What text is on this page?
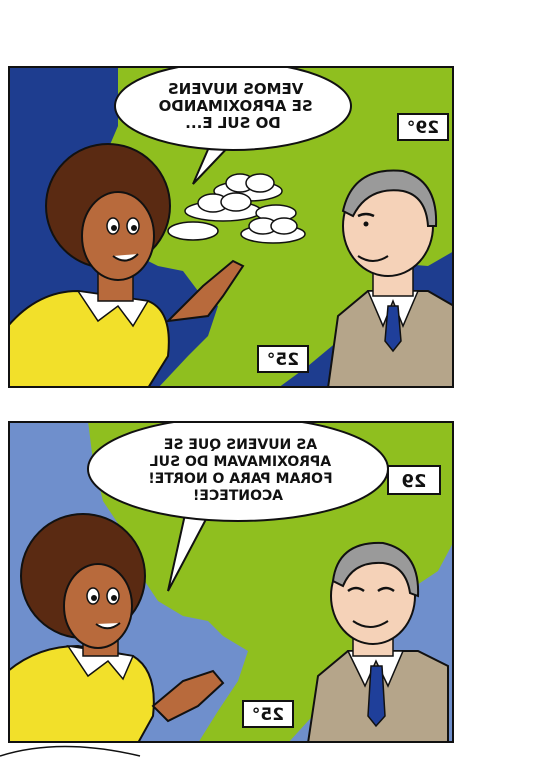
VEMOS NUVENS SE APROXIMANDO DO SUL E...	29°
25°
AS NUVENS QUE SE APROXIMAVAM DO SUL FORAM PARA O NORTE! ACONTECE!
29
25°
